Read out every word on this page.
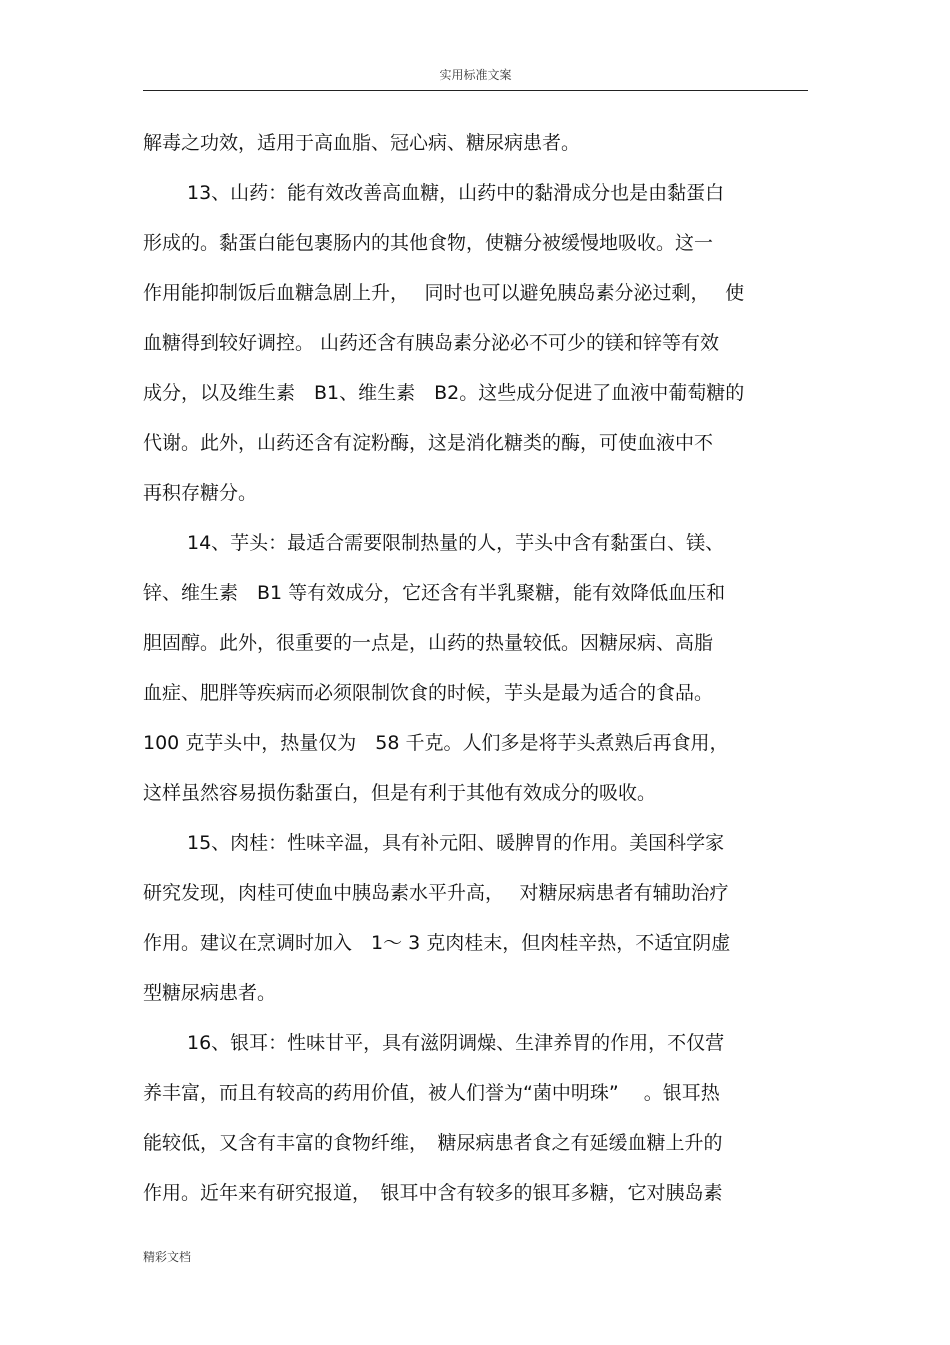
实用标准文案
解毒之功效，适用于高血脂、冠心病、糖尿病患者。
13、山药：能有效改善高血糖，山药中的黏滑成分也是由黏蛋白
形成的。黏蛋白能包裹肠内的其他食物，使糖分被缓慢地吸收。这一
作用能抑制饭后血糖急剧上升，　 同时也可以避免胰岛素分泌过剩，　 使
血糖得到较好调控。 山药还含有胰岛素分泌必不可少的镁和锌等有效
成分，以及维生素　B1、维生素　B2。这些成分促进了血液中葡萄糖的
代谢。此外，山药还含有淀粉酶，这是消化糖类的酶，可使血液中不
再积存糖分。
14、芋头：最适合需要限制热量的人，芋头中含有黏蛋白、镁、
锌、维生素　B1 等有效成分，它还含有半乳聚糖，能有效降低血压和
胆固醇。此外，很重要的一点是，山药的热量较低。因糖尿病、高脂
血症、肥胖等疾病而必须限制饮食的时候，芋头是最为适合的食品。
100 克芋头中，热量仅为　58 千克。人们多是将芋头煮熟后再食用，
这样虽然容易损伤黏蛋白，但是有利于其他有效成分的吸收。
15、肉桂：性味辛温，具有补元阳、暖脾胃的作用。美国科学家
研究发现，肉桂可使血中胰岛素水平升高，　 对糖尿病患者有辅助治疗
作用。建议在烹调时加入　1～ 3 克肉桂末，但肉桂辛热，不适宜阴虚
型糖尿病患者。
16、银耳：性味甘平，具有滋阴调燥、生津养胃的作用，不仅营
养丰富，而且有较高的药用价值，被人们誉为“菌中明珠”　 。银耳热
能较低，又含有丰富的食物纤维，　糖尿病患者食之有延缓血糖上升的
作用。近年来有研究报道，　银耳中含有较多的银耳多糖，它对胰岛素
精彩文档
